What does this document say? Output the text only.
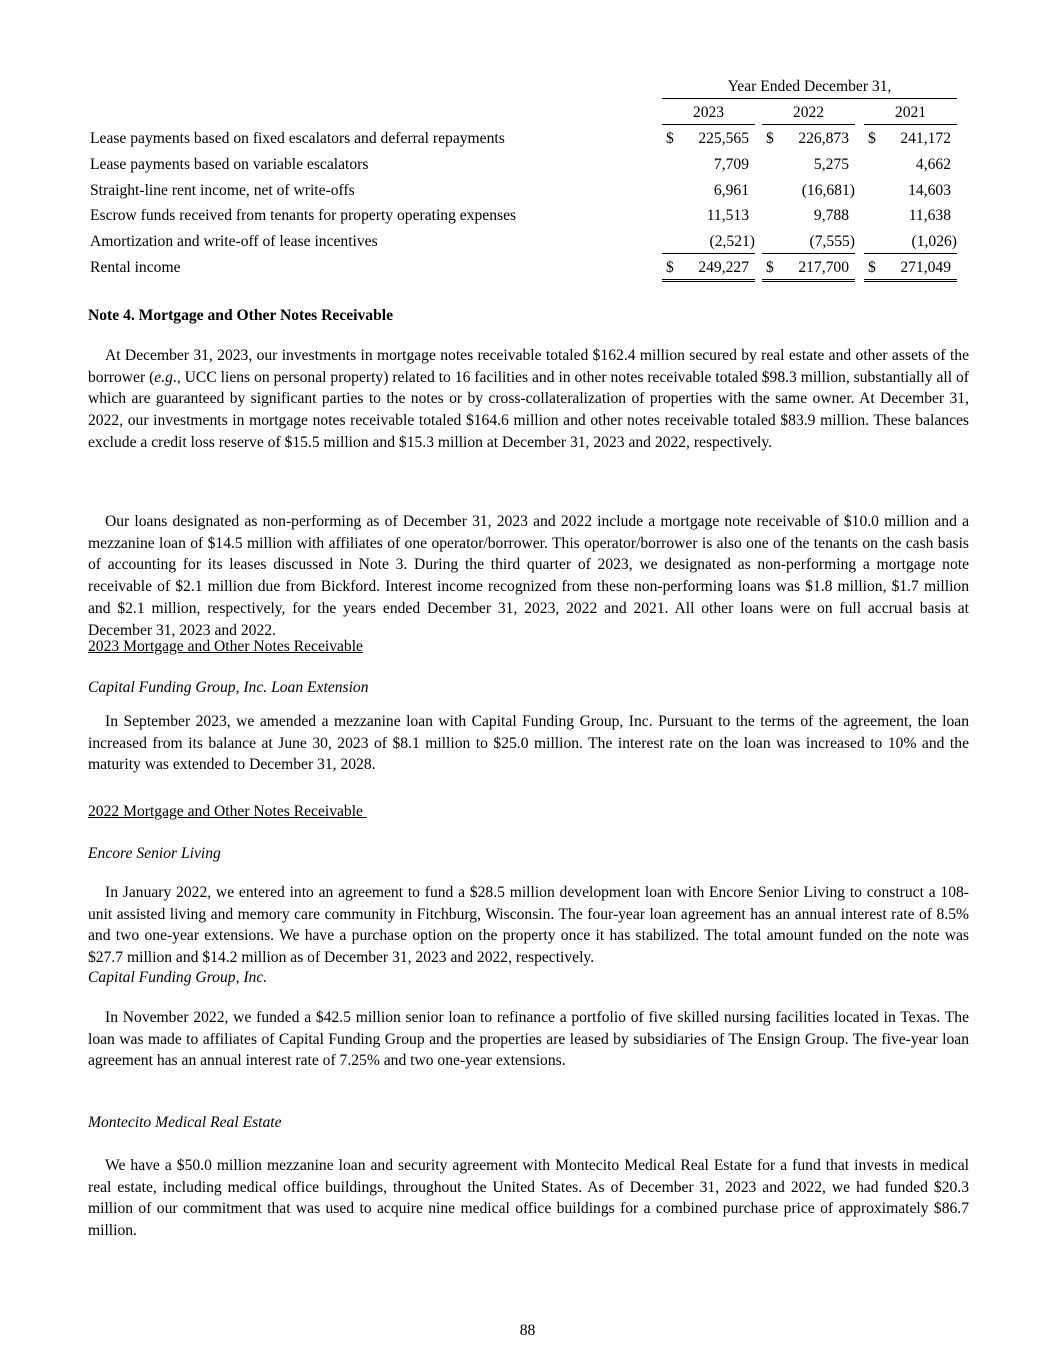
Year Ended December 31,
2023	2022	2021
Lease payments based on fixed escalators and deferral repayments	$ 225,565 $ 226,873 $ 241,172
Lease payments based on variable escalators	7,709	5,275	4,662
Straight-line rent income, net of write-offs	6,961	(16,681)	14,603
Escrow funds received from tenants for property operating expenses	11,513	9,788	11,638
Amortization and write-off of lease incentives	(2,521)	(7,555)	(1,026)
Rental income	$ 249,227 $ 217,700 $ 271,049
Note 4. Mortgage and Other Notes Receivable
At December 31, 2023, our investments in mortgage notes receivable totaled $162.4 million secured by real estate and other assets of the borrower (e.g., UCC liens on personal property) related to 16 facilities and in other notes receivable totaled $98.3 million, substantially all of which are guaranteed by significant parties to the notes or by cross-collateralization of properties with the same owner. At December 31, 2022, our investments in mortgage notes receivable totaled $164.6 million and other notes receivable totaled $83.9 million. These balances exclude a credit loss reserve of $15.5 million and $15.3 million at December 31, 2023 and 2022, respectively.
Our loans designated as non-performing as of December 31, 2023 and 2022 include a mortgage note receivable of $10.0 million and a mezzanine loan of $14.5 million with affiliates of one operator/borrower. This operator/borrower is also one of the tenants on the cash basis of accounting for its leases discussed in Note 3. During the third quarter of 2023, we designated as non-performing a mortgage note receivable of $2.1 million due from Bickford. Interest income recognized from these non-performing loans was $1.8 million, $1.7 million and $2.1 million, respectively, for the years ended December 31, 2023, 2022 and 2021. All other loans were on full accrual basis at December 31, 2023 and 2022.
2023 Mortgage and Other Notes Receivable
Capital Funding Group, Inc. Loan Extension
In September 2023, we amended a mezzanine loan with Capital Funding Group, Inc. Pursuant to the terms of the agreement, the loan increased from its balance at June 30, 2023 of $8.1 million to $25.0 million. The interest rate on the loan was increased to 10% and the maturity was extended to December 31, 2028.
2022 Mortgage and Other Notes Receivable
Encore Senior Living
In January 2022, we entered into an agreement to fund a $28.5 million development loan with Encore Senior Living to construct a 108-unit assisted living and memory care community in Fitchburg, Wisconsin. The four-year loan agreement has an annual interest rate of 8.5% and two one-year extensions. We have a purchase option on the property once it has stabilized. The total amount funded on the note was $27.7 million and $14.2 million as of December 31, 2023 and 2022, respectively.
Capital Funding Group, Inc.
In November 2022, we funded a $42.5 million senior loan to refinance a portfolio of five skilled nursing facilities located in Texas. The loan was made to affiliates of Capital Funding Group and the properties are leased by subsidiaries of The Ensign Group. The five-year loan agreement has an annual interest rate of 7.25% and two one-year extensions.
Montecito Medical Real Estate
We have a $50.0 million mezzanine loan and security agreement with Montecito Medical Real Estate for a fund that invests in medical real estate, including medical office buildings, throughout the United States. As of December 31, 2023 and 2022, we had funded $20.3 million of our commitment that was used to acquire nine medical office buildings for a combined purchase price of approximately $86.7 million.
88
